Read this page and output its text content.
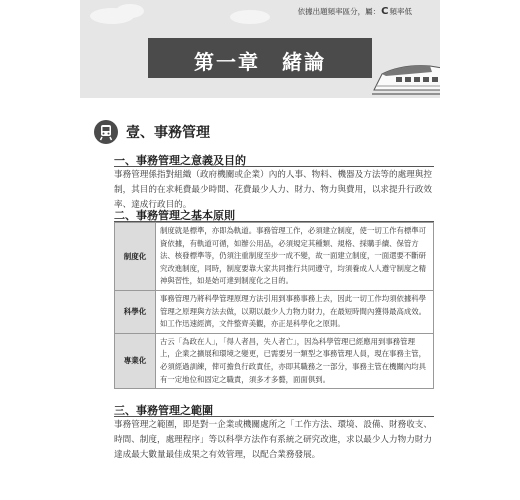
依據出題頻率區分，屬：C頻率低
第一章　緒論
壹、事務管理
一、事務管理之意義及目的
事務管理係指對組織（政府機關或企業）內的人事、物料、機器及方法等的處理與控制，其目的在求耗費最少時間、花費最少人力、財力、物力與費用，以求提升行政效率、達成行政目的。
二、事務管理之基本原則
制度化	制度就是標準，亦即為軌道。事務管理工作，必須建立制度，使一切工作有標準可資依據，有軌道可循，如辦公用品，必須規定其種類、規格、採購手續、保管方法、核發標準等，仍須注重制度至步一成不變，故一面建立制度，一面還要不斷研究改進制度，同時，制度要靠大家共同推行共同遵守，均須養成人人遵守制度之精神與習性，如是始可達到制度化之目的。
科學化	事務管理乃將科學管理原理方法引用到事務事務上去，因此一切工作均須依據科學管理之原理與方法去做，以期以最少人力物力財力，在最短時間內獲得最高成效。如工作迅速經濟，文件整齊美觀，亦正是科學化之原則。
專業化	古云「為政在人」，「得人者昌，失人者亡」，因為科學管理已經應用到事務管理上，企業之擴展和環境之變更，已需要另一類型之事務管理人員，現在事務主管，必須經過訓練，俾可擔負行政責任，亦即其職務之一部分，事務主管在機關內均具有一定地位和固定之職責，須多才多藝，面面俱到。
三、事務管理之範圍
事務管理之範圍，即是對一企業或機關處所之「工作方法、環境、設備、財務收支、時間、制度，處理程序」等以科學方法作有系統之研究改進，求以最少人力物力財力達成最大數量最佳成果之有效管理，以配合業務發展。
